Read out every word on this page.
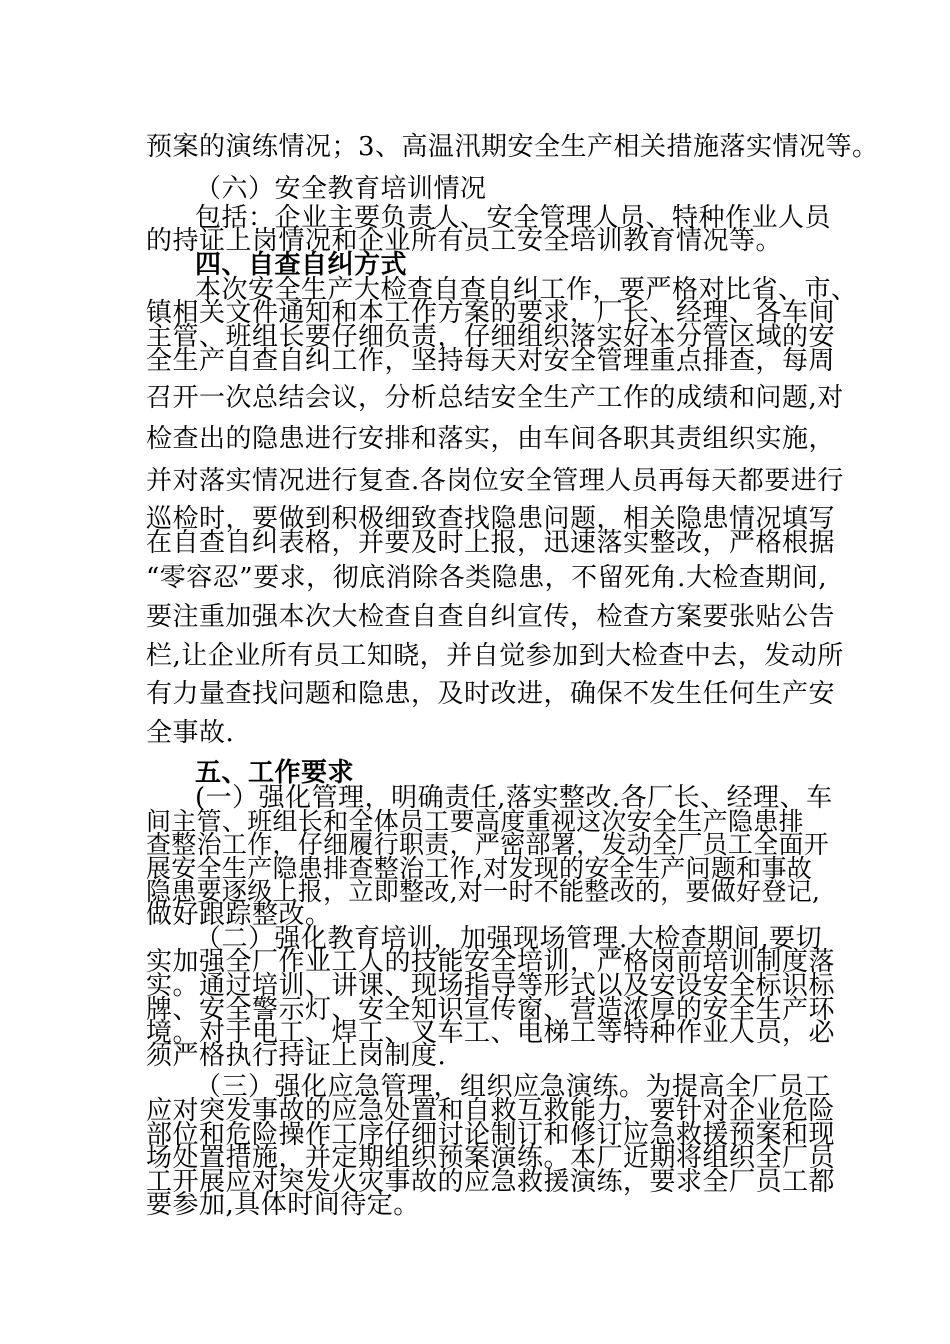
预案的演练情况；3、高温汛期安全生产相关措施落实情况等。
（六）安全教育培训情况
包括：企业主要负责人、安全管理人员、特种作业人员
的持证上岗情况和企业所有员工安全培训教育情况等。
四、自查自纠方式
本次安全生产大检查自查自纠工作，要严格对比省、市、
镇相关文件通知和本工作方案的要求，厂长、经理、各车间
主管、班组长要仔细负责，仔细组织落实好本分管区域的安
全生产自查自纠工作，坚持每天对安全管理重点排查，每周
召开一次总结会议，分析总结安全生产工作的成绩和问题,对
检查出的隐患进行安排和落实，由车间各职其责组织实施，
并对落实情况进行复查.各岗位安全管理人员再每天都要进行
巡检时，要做到积极细致查找隐患问题，相关隐患情况填写
在自查自纠表格，并要及时上报，迅速落实整改，严格根据
“零容忍”要求，彻底消除各类隐患，不留死角.大检查期间,
要注重加强本次大检查自查自纠宣传，检查方案要张贴公告
栏,让企业所有员工知晓，并自觉参加到大检查中去，发动所
有力量查找问题和隐患，及时改进，确保不发生任何生产安
全事故.
五、工作要求
(一）强化管理，明确责任,落实整改.各厂长、经理、车
间主管、班组长和全体员工要高度重视这次安全生产隐患排
查整治工作，仔细履行职责，严密部署，发动全厂员工全面开
展安全生产隐患排查整治工作,对发现的安全生产问题和事故
隐患要逐级上报，立即整改,对一时不能整改的，要做好登记,
做好跟踪整改。
（二）强化教育培训，加强现场管理.大检查期间,要切
实加强全厂作业工人的技能安全培训，严格岗前培训制度落
实。通过培训、讲课、现场指导等形式以及安设安全标识标
牌、安全警示灯、安全知识宣传窗、营造浓厚的安全生产环
境。对于电工、焊工、叉车工、电梯工等特种作业人员，必
须严格执行持证上岗制度.
（三）强化应急管理，组织应急演练。为提高全厂员工
应对突发事故的应急处置和自救互救能力，要针对企业危险
部位和危险操作工序仔细讨论制订和修订应急救援预案和现
场处置措施，并定期组织预案演练。本厂近期将组织全厂员
工开展应对突发火灾事故的应急救援演练，要求全厂员工都
要参加,具体时间待定。
